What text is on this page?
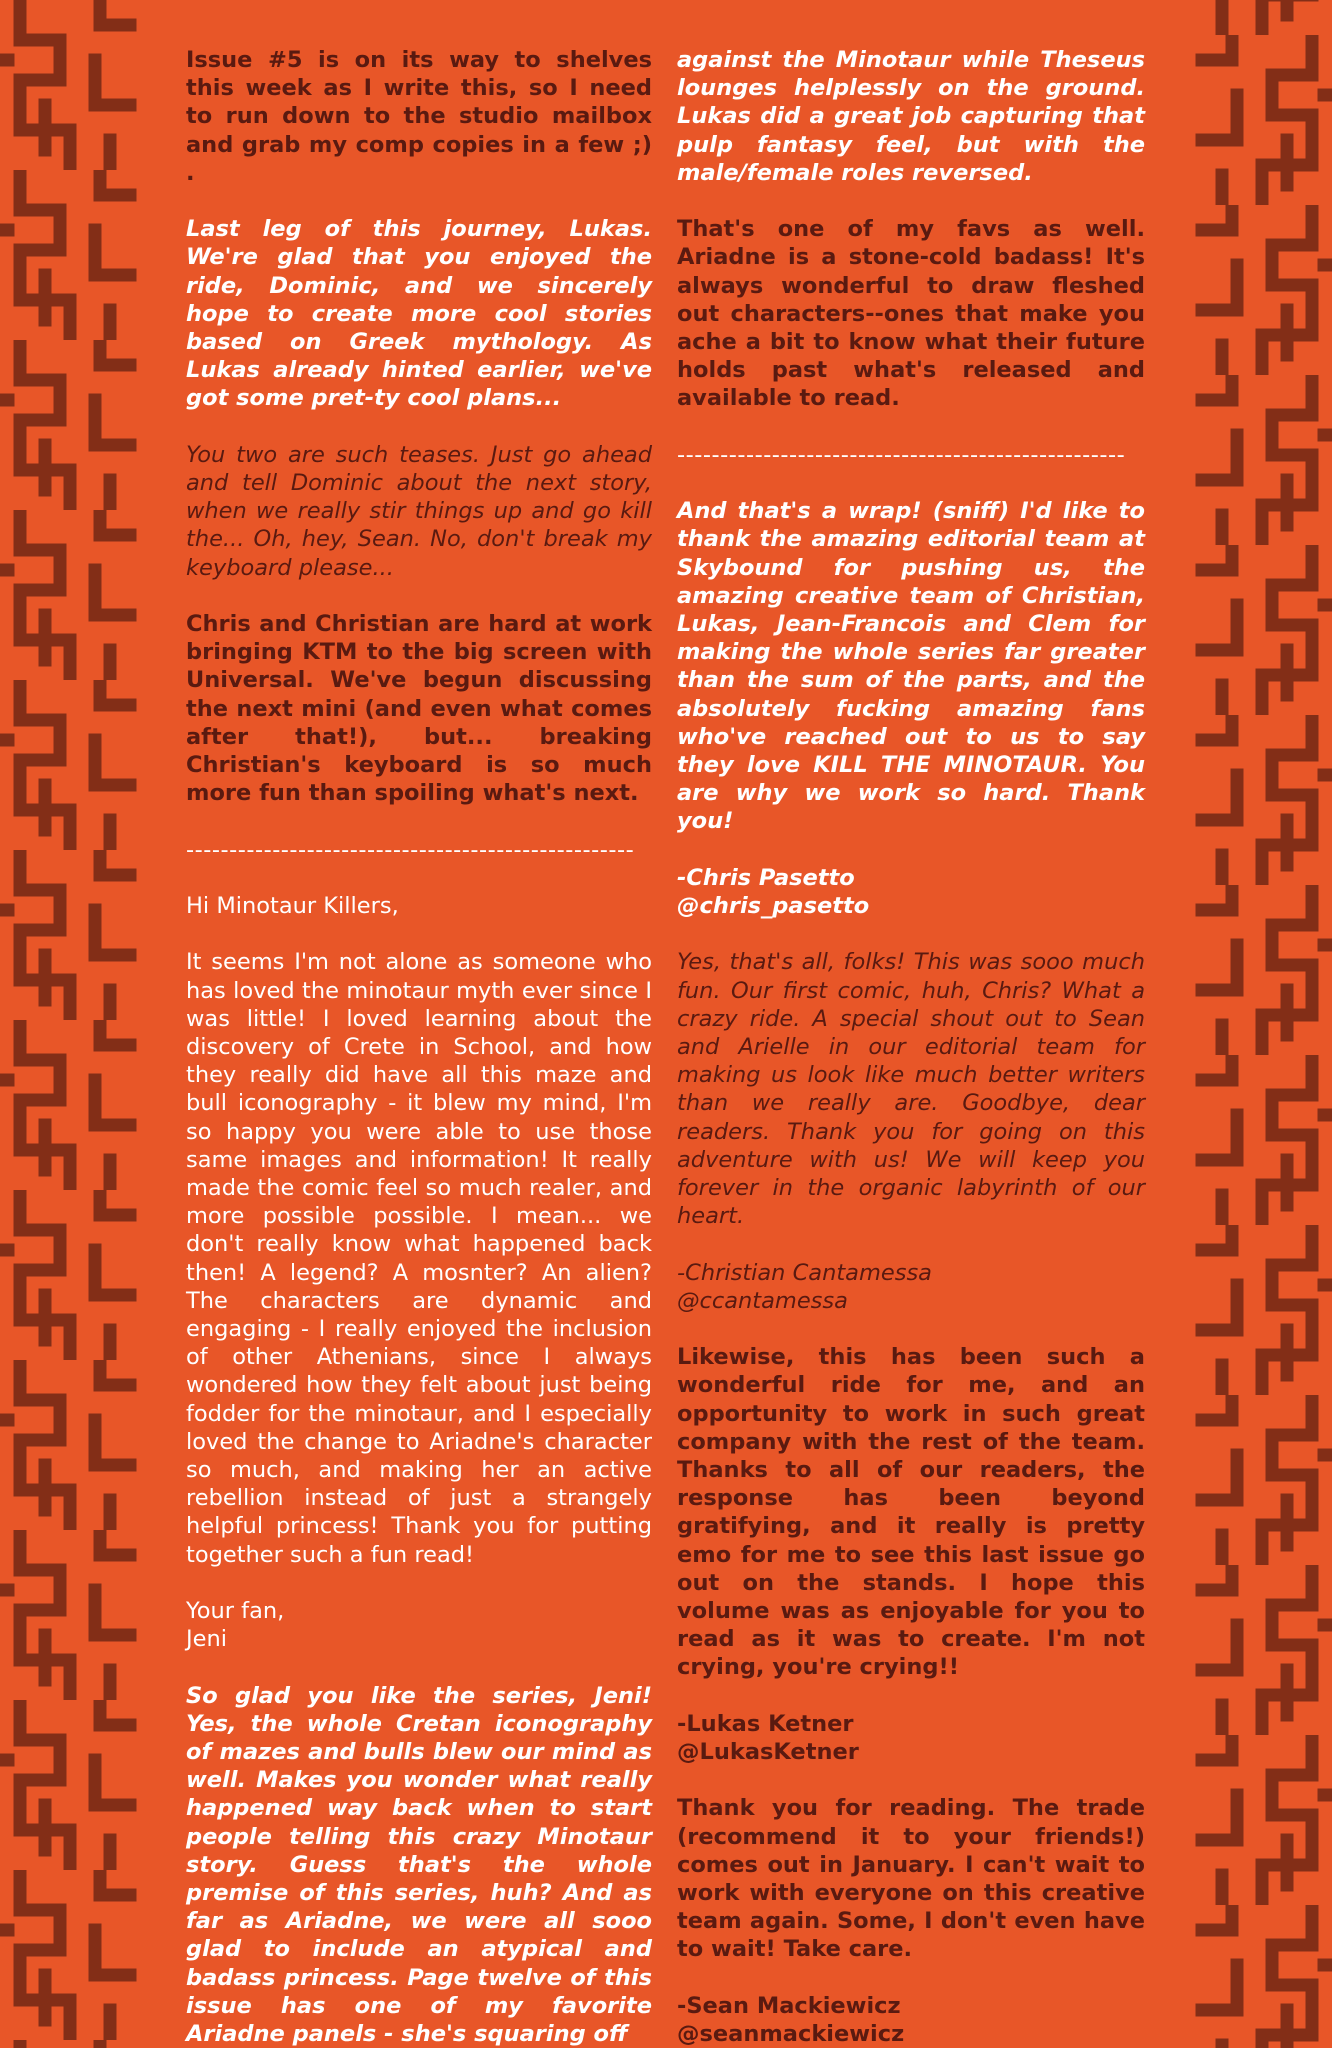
Issue #5 is on its way to shelves this week as I write this, so I need to run down to the studio mailbox and grab my comp copies in a few ;) .

Last leg of this journey, Lukas. We're glad that you enjoyed the ride, Dominic, and we sincerely hope to create more cool stories based on Greek mythology. As Lukas already hinted earlier, we've got some pret-ty cool plans...

You two are such teases. Just go ahead and tell Dominic about the next story, when we really stir things up and go kill the... Oh, hey, Sean. No, don't break my keyboard please...

Chris and Christian are hard at work bringing KTM to the big screen with Universal. We've begun discussing the next mini (and even what comes after that!), but... breaking Christian's keyboard is so much more fun than spoiling what's next.

----------------------------------------------------

Hi Minotaur Killers,

It seems I'm not alone as someone who has loved the minotaur myth ever since I was little! I loved learning about the discovery of Crete in School, and how they really did have all this maze and bull iconography - it blew my mind, I'm so happy you were able to use those same images and information! It really made the comic feel so much realer, and more possible possible. I mean... we don't really know what happened back then! A legend? A mosnter? An alien? The characters are dynamic and engaging - I really enjoyed the inclusion of other Athenians, since I always wondered how they felt about just being fodder for the minotaur, and I especially loved the change to Ariadne's character so much, and making her an active rebellion instead of just a strangely helpful princess! Thank you for putting together such a fun read!

Your fan,

Jeni

So glad you like the series, Jeni! Yes, the whole Cretan iconography of mazes and bulls blew our mind as well. Makes you wonder what really happened way back when to start people telling this crazy Minotaur story. Guess that's the whole premise of this series, huh? And as far as Ariadne, we were all sooo glad to include an atypical and badass princess. Page twelve of this issue has one of my favorite Ariadne panels - she's squaring off

against the Minotaur while Theseus lounges helplessly on the ground. Lukas did a great job capturing that pulp fantasy feel, but with the male/female roles reversed.

That's one of my favs as well. Ariadne is a stone-cold badass! It's always wonderful to draw fleshed out characters--ones that make you ache a bit to know what their future holds past what's released and available to read.

----------------------------------------------------

And that's a wrap! (sniff) I'd like to thank the amazing editorial team at Skybound for pushing us, the amazing creative team of Christian, Lukas, Jean-Francois and Clem for making the whole series far greater than the sum of the parts, and the absolutely fucking amazing fans who've reached out to us to say they love KILL THE MINOTAUR. You are why we work so hard. Thank you!

-Chris Pasetto

@chris_pasetto

Yes, that's all, folks! This was sooo much fun. Our first comic, huh, Chris? What a crazy ride. A special shout out to Sean and Arielle in our editorial team for making us look like much better writers than we really are. Goodbye, dear readers. Thank you for going on this adventure with us! We will keep you forever in the organic labyrinth of our heart.

-Christian Cantamessa

@ccantamessa

Likewise, this has been such a wonderful ride for me, and an opportunity to work in such great company with the rest of the team. Thanks to all of our readers, the response has been beyond gratifying, and it really is pretty emo for me to see this last issue go out on the stands. I hope this volume was as enjoyable for you to read as it was to create. I'm not crying, you're crying!!

-Lukas Ketner

@LukasKetner

Thank you for reading. The trade (recommend it to your friends!) comes out in January. I can't wait to work with everyone on this creative team again. Some, I don't even have to wait! Take care.

-Sean Mackiewicz

@seanmackiewicz
